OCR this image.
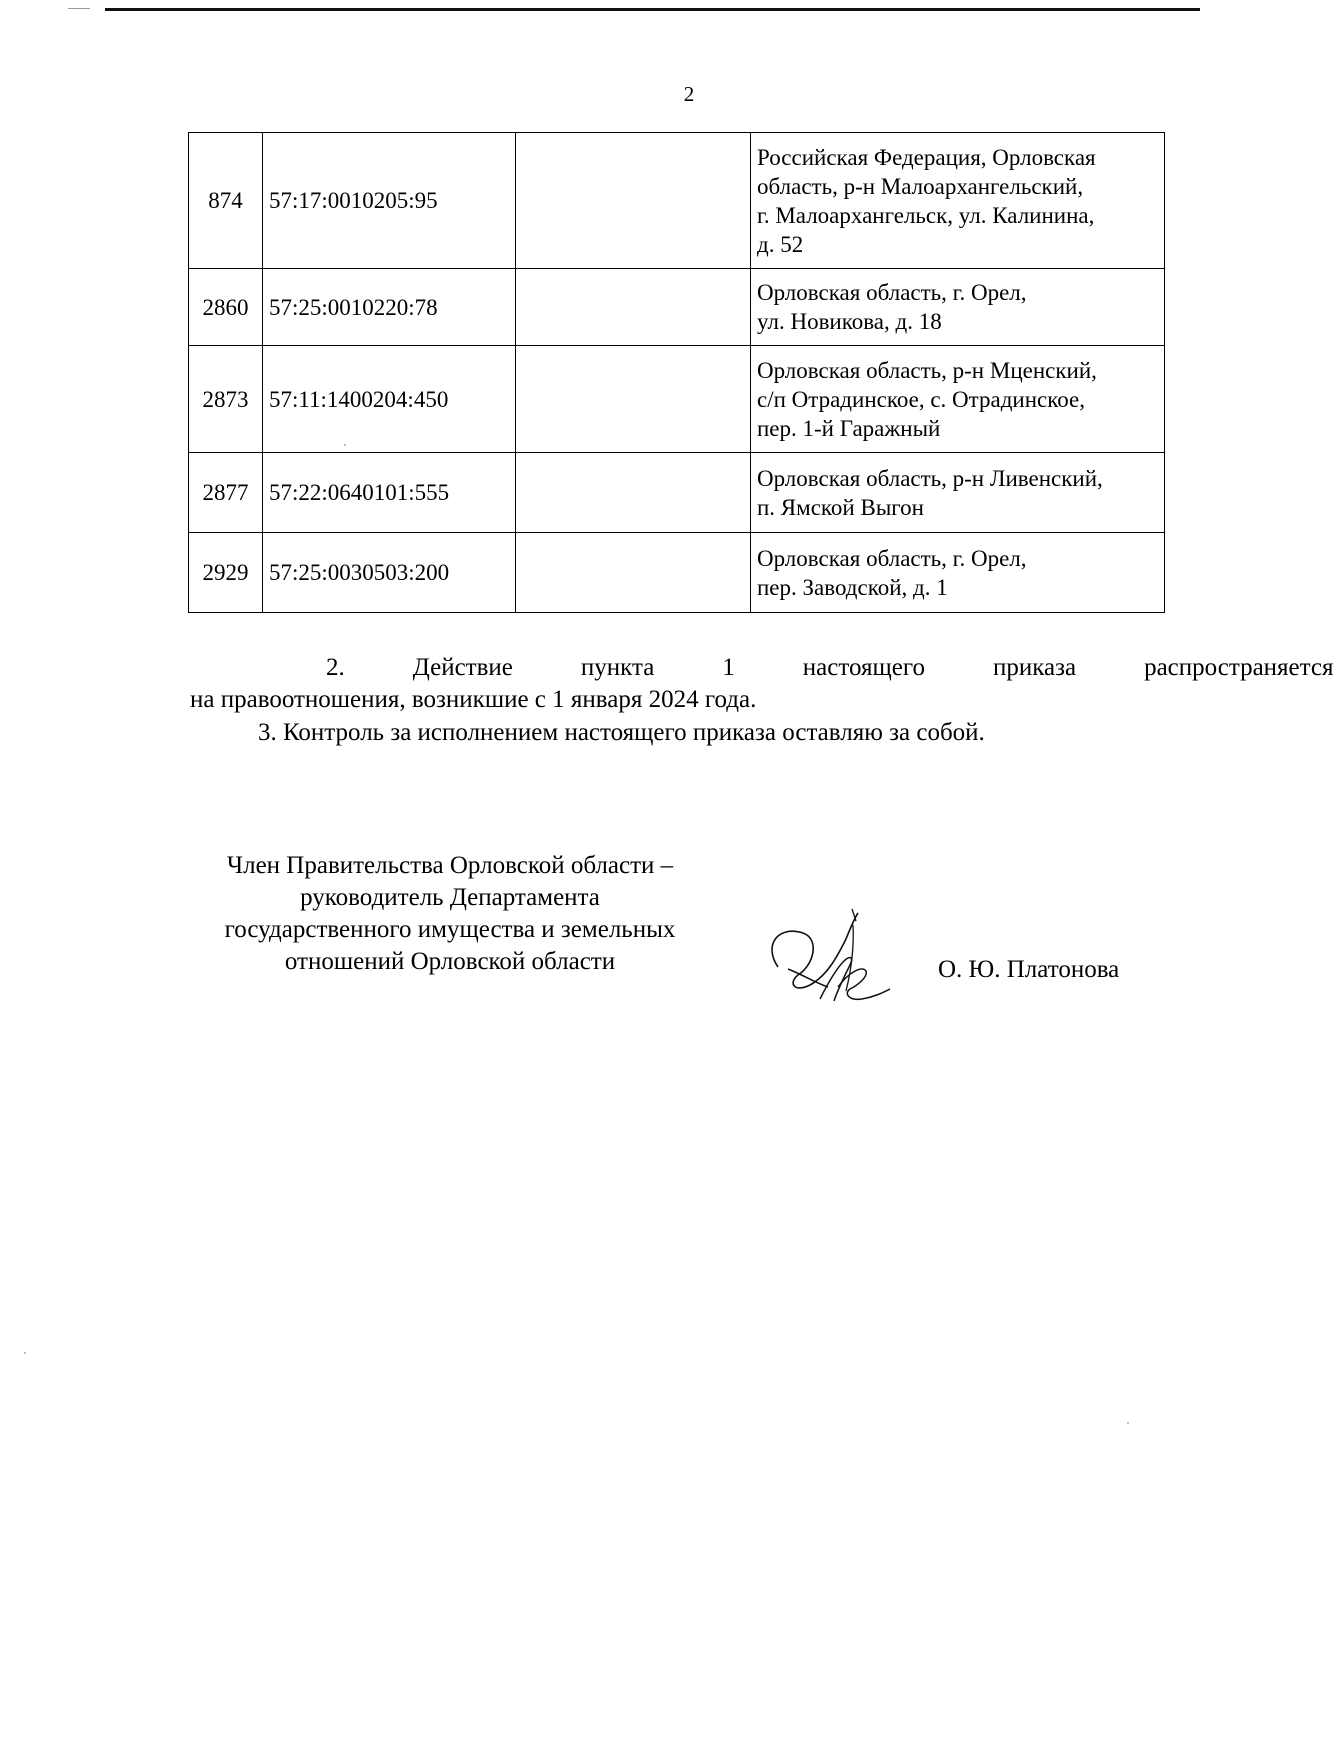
2
874	57:17:0010205:95		Российская Федерация, Орловская
область, р-н Малоархангельский,
г. Малоархангельск, ул. Калинина,
д. 52

2860	57:25:0010220:78		Орловская область, г. Орел,
ул. Новикова, д. 18

2873	57:11:1400204:450		Орловская область, р-н Мценский,
с/п Отрадинское, с. Отрадинское,
пер. 1-й Гаражный

2877	57:22:0640101:555		Орловская область, р-н Ливенский,
п. Ямской Выгон

2929	57:25:0030503:200		Орловская область, г. Орел,
пер. Заводской, д. 1
2.	Действие	пункта	1	настоящего	приказа	распространяется
на правоотношения, возникшие с 1 января 2024 года.
3. Контроль за исполнением настоящего приказа оставляю за собой.
Член Правительства Орловской области –
руководитель Департамента
государственного имущества и земельных
отношений Орловской области	О. Ю. Платонова
